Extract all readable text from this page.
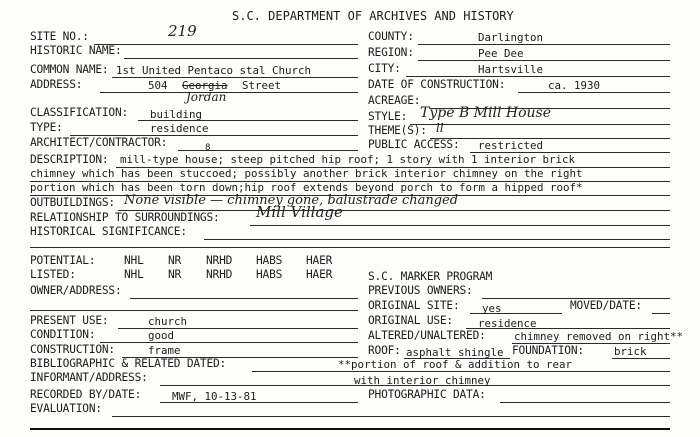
S.C. DEPARTMENT OF ARCHIVES AND HISTORY
SITE NO.:	219
HISTORIC NAME:
COMMON NAME: 1st United Pentaco stal Church
ADDRESS:	504 Georgia Street
Jordan
COUNTY:	Darlington
REGION:	Pee Dee
CITY:	Hartsville
DATE OF CONSTRUCTION:	ca. 1930
ACREAGE:
CLASSIFICATION: building
TYPE:	residence
ARCHITECT/CONTRACTOR:	8
STYLE: Type B Mill House
THEME(S): ll
PUBLIC ACCESS: restricted
DESCRIPTION: mill-type house; steep pitched hip roof; 1 story with 1 interior brick
chimney which has been stuccoed; possibly another brick interior chimney on the right
portion which has been torn down;hip roof extends beyond porch to form a hipped roof*
OUTBUILDINGS: None visible — chimney gone, balustrade changed
RELATIONSHIP TO SURROUNDINGS: Mill Village
HISTORICAL SIGNIFICANCE:
POTENTIAL:	NHL NR NRHD HABS HAER
LISTED:	NHL NR NRHD HABS HAER
OWNER/ADDRESS:
S.C. MARKER PROGRAM
PREVIOUS OWNERS:
ORIGINAL SITE: yes	MOVED/DATE:
PRESENT USE:	church	ORIGINAL USE: residence
CONDITION:	good	ALTERED/UNALTERED:	chimney removed on right**
CONSTRUCTION:	frame	ROOF: asphalt shingle FOUNDATION:	brick
BIBLIOGRAPHIC & RELATED DATED:	**portion of roof & addition to rear
INFORMANT/ADDRESS:	with interior chimney
RECORDED BY/DATE:	MWF, 10-13-81	PHOTOGRAPHIC DATA:
EVALUATION:
